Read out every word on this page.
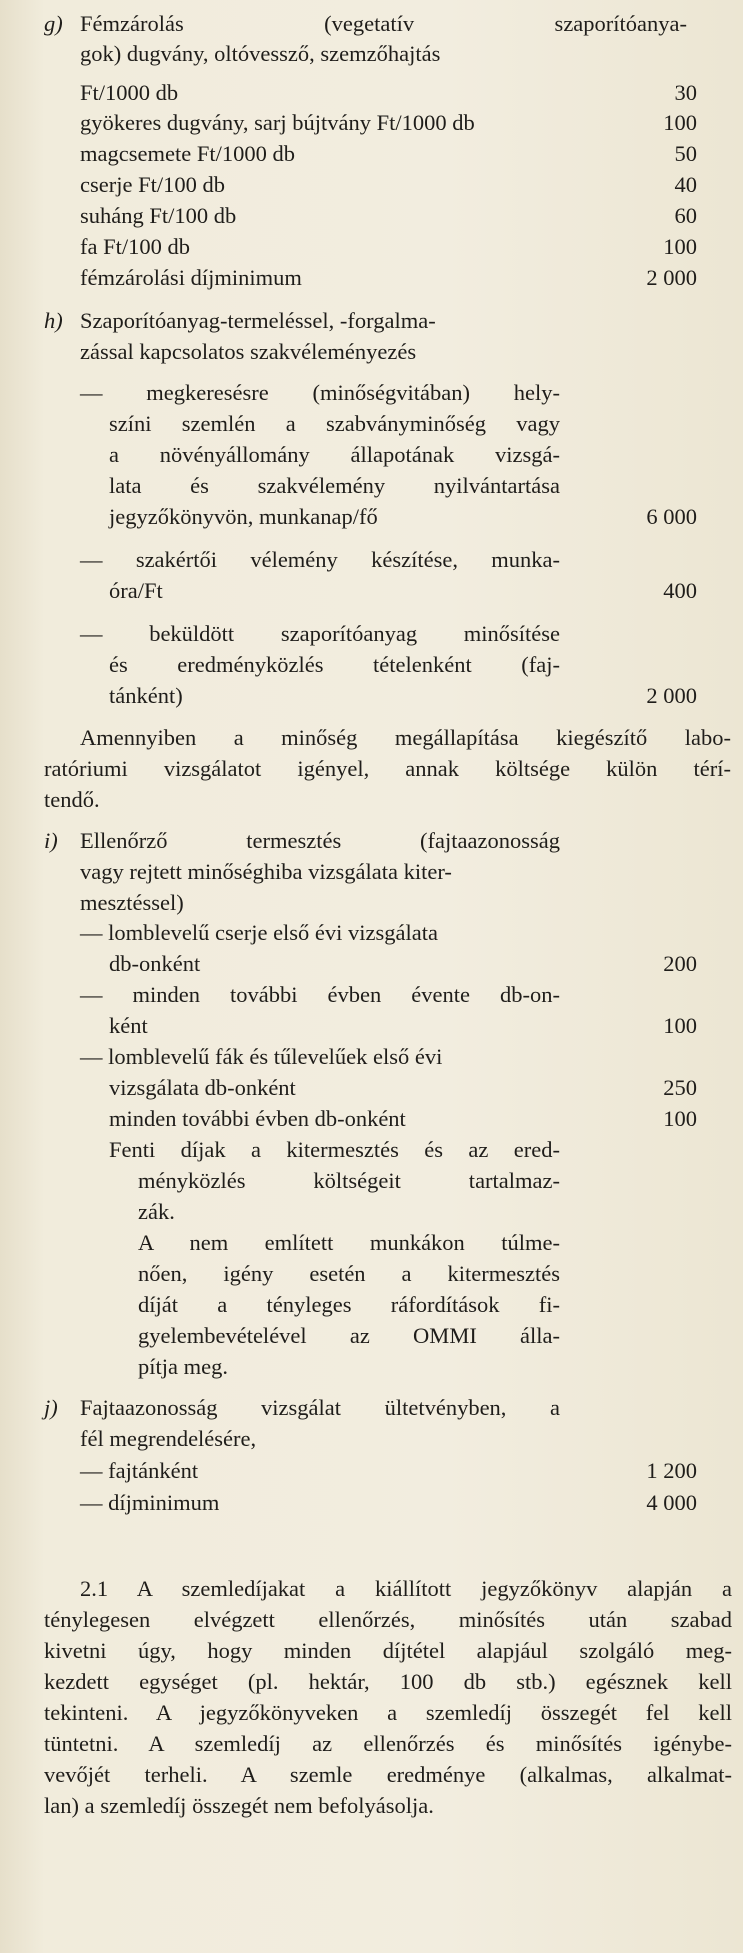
g) Fémzárolás (vegetatív szaporítóanya-
gok) dugvány, oltóvessző, szemzőhajtás
Ft/1000 db	30
gyökeres dugvány, sarj bújtvány Ft/1000 db	100
magcsemete Ft/1000 db	50
cserje Ft/100 db	40
suháng Ft/100 db	60
fa Ft/100 db	100
fémzárolási díjminimum	2 000
h) Szaporítóanyag-termeléssel, -forgalma-
zással kapcsolatos szakvéleményezés
— megkeresésre (minőségvitában) hely-
színi szemlén a szabványminőség vagy
a növényállomány állapotának vizsgá-
lata és szakvélemény nyilvántartása
jegyzőkönyvön, munkanap/fő	6 000
— szakértői vélemény készítése, munka-
óra/Ft	400
— beküldött szaporítóanyag minősítése
és eredményközlés tételenként (faj-
tánként)	2 000
Amennyiben a minőség megállapítása kiegészítő labo-
ratóriumi vizsgálatot igényel, annak költsége külön térí-
tendő.
i) Ellenőrző termesztés (fajtaazonosság
vagy rejtett minőséghiba vizsgálata kiter-
mesztéssel)
— lomblevelű cserje első évi vizsgálata
db-onként	200
— minden további évben évente db-on-
ként	100
— lomblevelű fák és tűlevelűek első évi
vizsgálata db-onként	250
minden további évben db-onként	100
Fenti díjak a kitermesztés és az ered-
ményközlés költségeit tartalmaz-
zák.
A nem említett munkákon túlme-
nően, igény esetén a kitermesztés
díját a tényleges ráfordítások fi-
gyelembevételével az OMMI álla-
pítja meg.
j) Fajtaazonosság vizsgálat ültetvényben, a
fél megrendelésére,
— fajtánként	1 200
— díjminimum	4 000
2.1 A szemledíjakat a kiállított jegyzőkönyv alapján a
ténylegesen elvégzett ellenőrzés, minősítés után szabad
kivetni úgy, hogy minden díjtétel alapjául szolgáló meg-
kezdett egységet (pl. hektár, 100 db stb.) egésznek kell
tekinteni. A jegyzőkönyveken a szemledíj összegét fel kell
tüntetni. A szemledíj az ellenőrzés és minősítés igénybe-
vevőjét terheli. A szemle eredménye (alkalmas, alkalmat-
lan) a szemledíj összegét nem befolyásolja.
